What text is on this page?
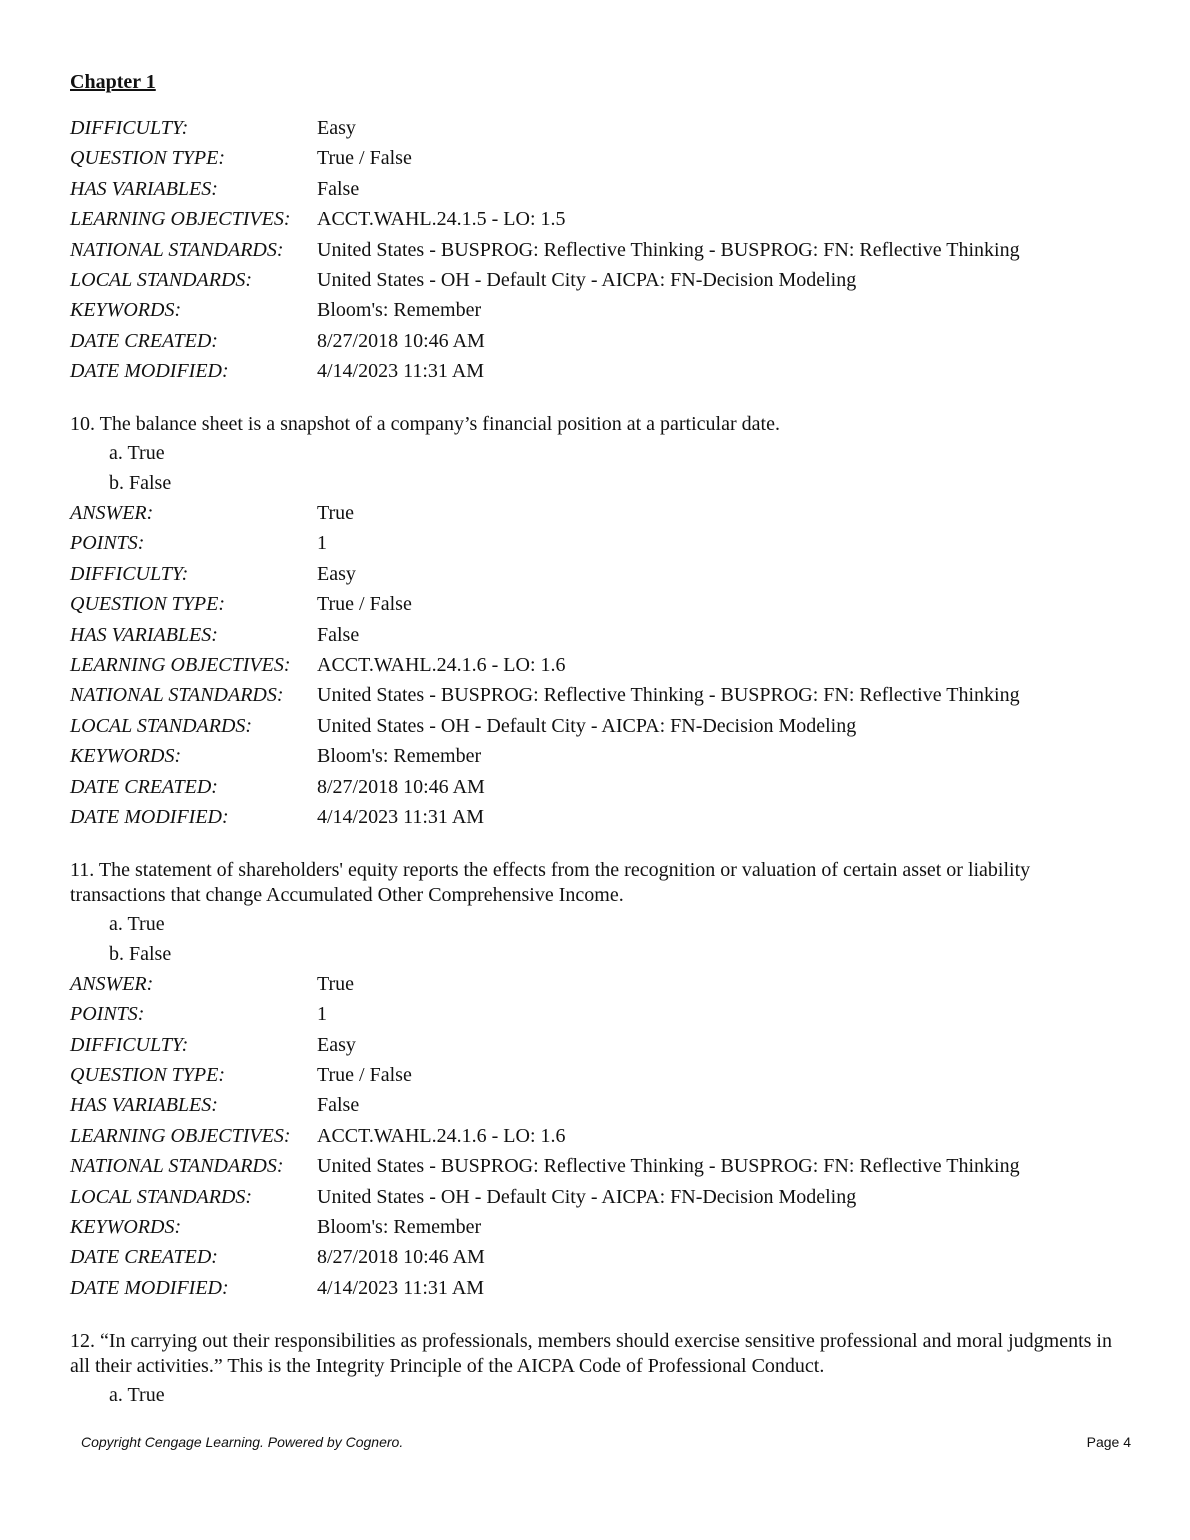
Chapter 1
DIFFICULTY:	Easy
QUESTION TYPE:	True / False
HAS VARIABLES:	False
LEARNING OBJECTIVES:	ACCT.WAHL.24.1.5 - LO: 1.5
NATIONAL STANDARDS:	United States - BUSPROG: Reflective Thinking - BUSPROG: FN: Reflective Thinking
LOCAL STANDARDS:	United States - OH - Default City - AICPA: FN-Decision Modeling
KEYWORDS:	Bloom's: Remember
DATE CREATED:	8/27/2018 10:46 AM
DATE MODIFIED:	4/14/2023 11:31 AM
10. The balance sheet is a snapshot of a company’s financial position at a particular date.
a. True
b. False
ANSWER:	True
POINTS:	1
DIFFICULTY:	Easy
QUESTION TYPE:	True / False
HAS VARIABLES:	False
LEARNING OBJECTIVES:	ACCT.WAHL.24.1.6 - LO: 1.6
NATIONAL STANDARDS:	United States - BUSPROG: Reflective Thinking - BUSPROG: FN: Reflective Thinking
LOCAL STANDARDS:	United States - OH - Default City - AICPA: FN-Decision Modeling
KEYWORDS:	Bloom's: Remember
DATE CREATED:	8/27/2018 10:46 AM
DATE MODIFIED:	4/14/2023 11:31 AM
11. The statement of shareholders' equity reports the effects from the recognition or valuation of certain asset or liability transactions that change Accumulated Other Comprehensive Income.
a. True
b. False
ANSWER:	True
POINTS:	1
DIFFICULTY:	Easy
QUESTION TYPE:	True / False
HAS VARIABLES:	False
LEARNING OBJECTIVES:	ACCT.WAHL.24.1.6 - LO: 1.6
NATIONAL STANDARDS:	United States - BUSPROG: Reflective Thinking - BUSPROG: FN: Reflective Thinking
LOCAL STANDARDS:	United States - OH - Default City - AICPA: FN-Decision Modeling
KEYWORDS:	Bloom's: Remember
DATE CREATED:	8/27/2018 10:46 AM
DATE MODIFIED:	4/14/2023 11:31 AM
12. “In carrying out their responsibilities as professionals, members should exercise sensitive professional and moral judgments in all their activities.” This is the Integrity Principle of the AICPA Code of Professional Conduct.
a. True
Copyright Cengage Learning. Powered by Cognero.	Page 4
